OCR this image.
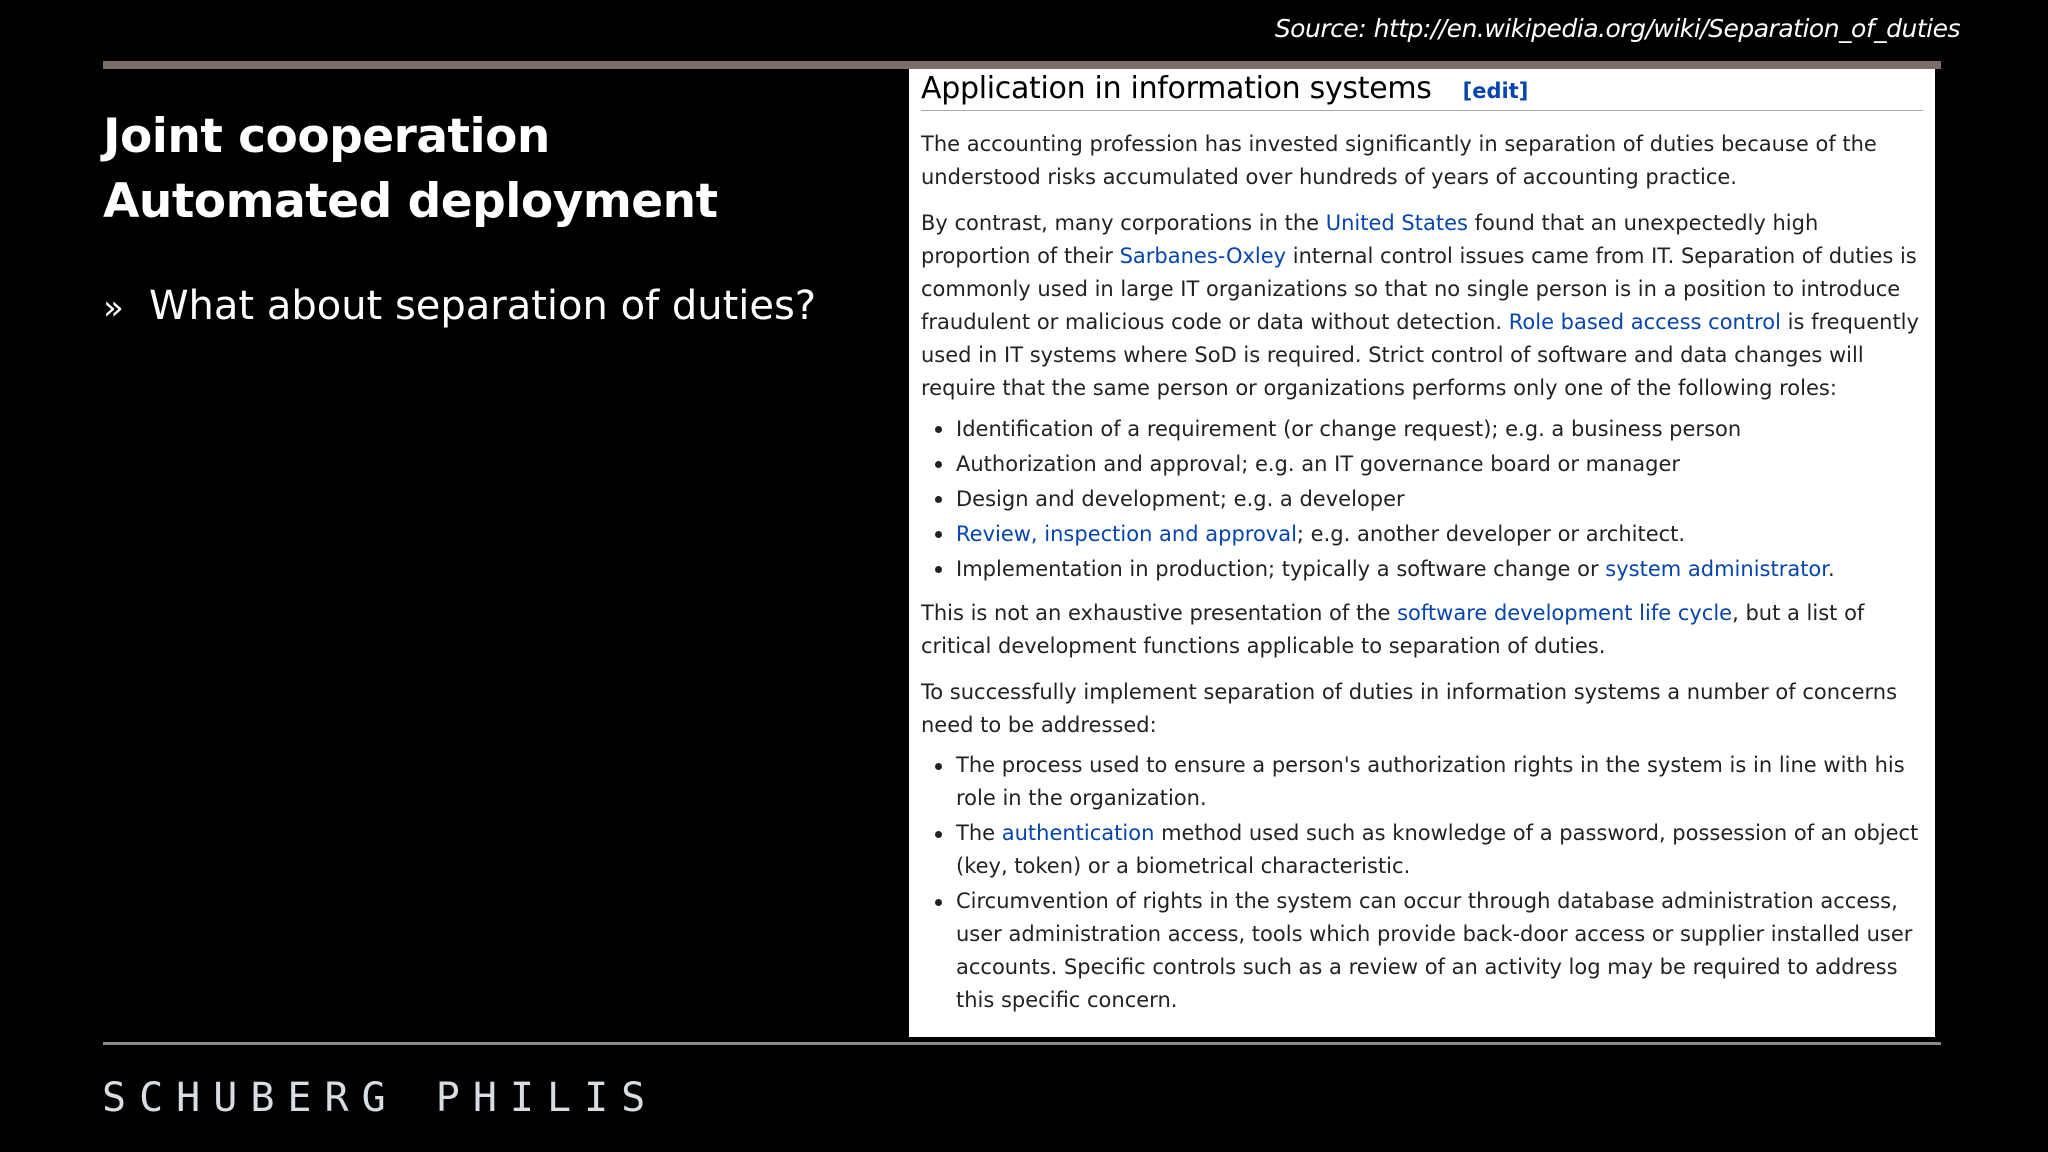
Source: http://en.wikipedia.org/wiki/Separation_of_duties
Joint cooperation
Automated deployment
» What about separation of duties?
Application in information systems [edit]

The accounting profession has invested significantly in separation of duties because of the understood risks accumulated over hundreds of years of accounting practice.

By contrast, many corporations in the United States found that an unexpectedly high proportion of their Sarbanes-Oxley internal control issues came from IT. Separation of duties is commonly used in large IT organizations so that no single person is in a position to introduce fraudulent or malicious code or data without detection. Role based access control is frequently used in IT systems where SoD is required. Strict control of software and data changes will require that the same person or organizations performs only one of the following roles:

Identification of a requirement (or change request); e.g. a business person
Authorization and approval; e.g. an IT governance board or manager
Design and development; e.g. a developer
Review, inspection and approval; e.g. another developer or architect.
Implementation in production; typically a software change or system administrator.

This is not an exhaustive presentation of the software development life cycle, but a list of critical development functions applicable to separation of duties.

To successfully implement separation of duties in information systems a number of concerns need to be addressed:

The process used to ensure a person's authorization rights in the system is in line with his role in the organization.
The authentication method used such as knowledge of a password, possession of an object (key, token) or a biometrical characteristic.
Circumvention of rights in the system can occur through database administration access, user administration access, tools which provide back-door access or supplier installed user accounts. Specific controls such as a review of an activity log may be required to address this specific concern.
SCHUBERG PHILIS
